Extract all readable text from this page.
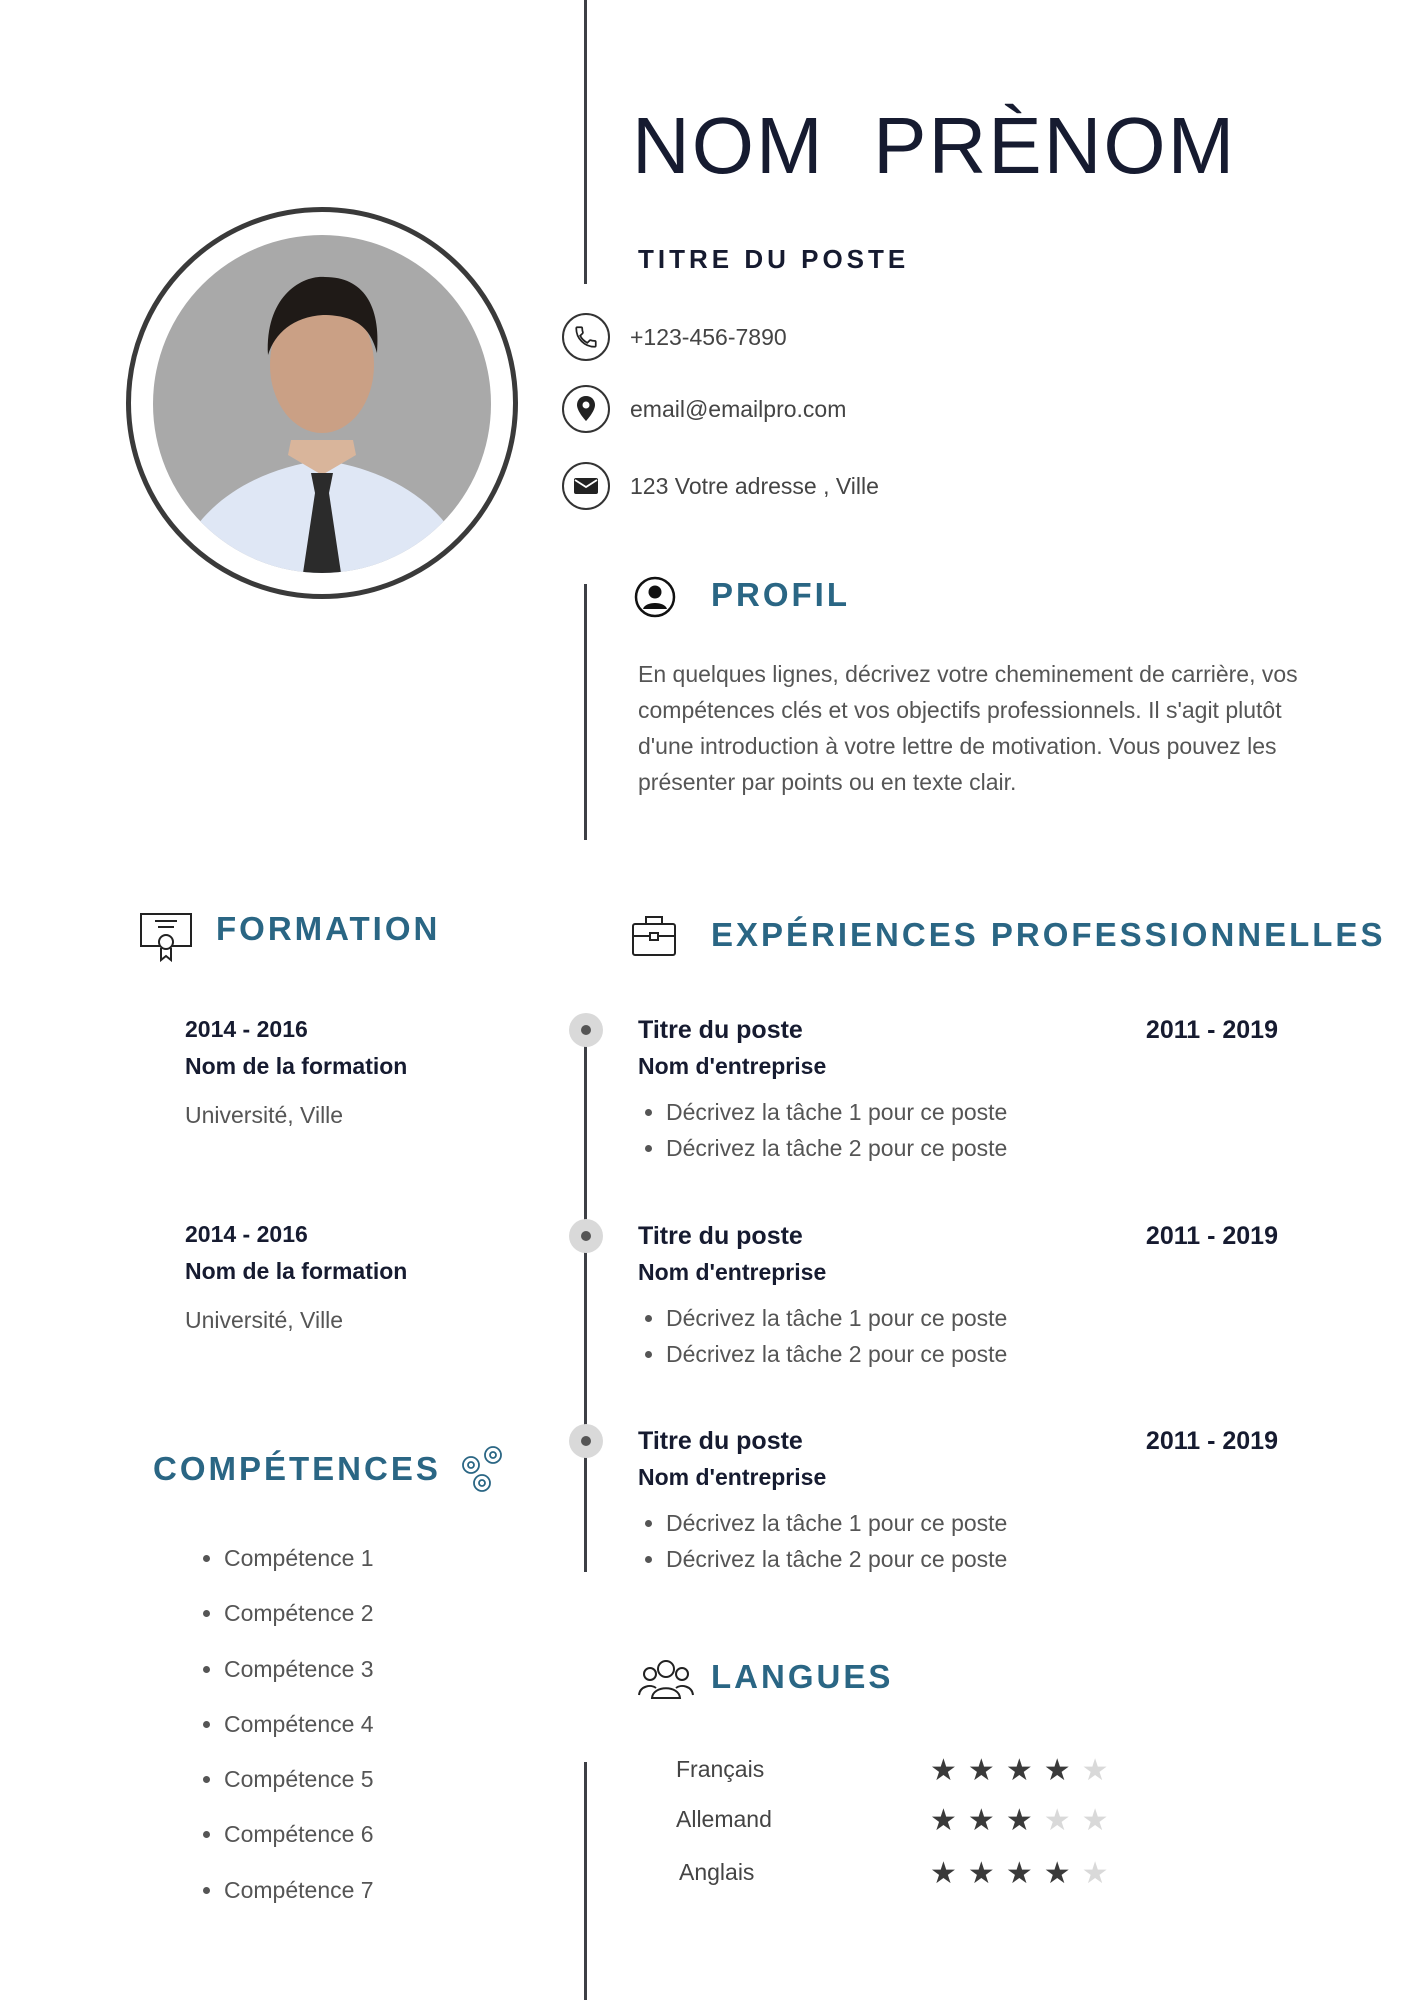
NOM  PRÈNOM
TITRE DU POSTE
+123-456-7890
email@emailpro.com
123 Votre adresse , Ville
PROFIL
En quelques lignes, décrivez votre cheminement de carrière, vos compétences clés et vos objectifs professionnels. Il s'agit plutôt d'une introduction à votre lettre de motivation. Vous pouvez les présenter par points ou en texte clair.
FORMATION
2014 - 2016
Nom de la formation
Université, Ville
2014 - 2016
Nom de la formation
Université, Ville
COMPÉTENCES
• Compétence 1
• Compétence 2
• Compétence 3
• Compétence 4
• Compétence 5
• Compétence 6
• Compétence 7
EXPÉRIENCES PROFESSIONNELLES
Titre du poste	2011 - 2019
Nom d'entreprise
• Décrivez la tâche 1 pour ce poste
• Décrivez la tâche 2 pour ce poste
Titre du poste	2011 - 2019
Nom d'entreprise
• Décrivez la tâche 1 pour ce poste
• Décrivez la tâche 2 pour ce poste
Titre du poste	2011 - 2019
Nom d'entreprise
• Décrivez la tâche 1 pour ce poste
• Décrivez la tâche 2 pour ce poste
LANGUES
Français	★ ★ ★ ★ ★
Allemand	★ ★ ★ ★ ★
Anglais	★ ★ ★ ★ ★
